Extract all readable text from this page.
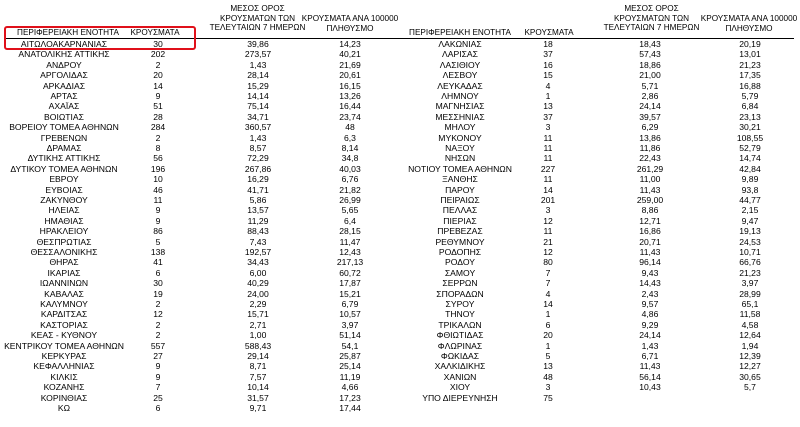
ΠΕΡΙΦΕΡΕΙΑΚΗ ΕΝΟΤΗΤΑ	ΚΡΟΥΣΜΑΤΑ
ΜΕΣΟΣ ΟΡΟΣ
ΚΡΟΥΣΜΑΤΩΝ ΤΩΝ
ΤΕΛΕΥΤΑΙΩΝ 7 ΗΜΕΡΩΝ
ΚΡΟΥΣΜΑΤΑ ΑΝΑ 100000
ΠΛΗΘΥΣΜΟ
ΑΙΤΩΛΟΑΚΑΡΝΑΝΙΑΣ	30	39,86	14,23
ΑΝΑΤΟΛΙΚΗΣ ΑΤΤΙΚΗΣ	202	273,57	40,21
ΑΝΔΡΟΥ	2	1,43	21,69
ΑΡΓΟΛΙΔΑΣ	20	28,14	20,61
ΑΡΚΑΔΙΑΣ	14	15,29	16,15
ΑΡΤΑΣ	9	14,14	13,26
ΑΧΑΪΑΣ	51	75,14	16,44
ΒΟΙΩΤΙΑΣ	28	34,71	23,74
ΒΟΡΕΙΟΥ ΤΟΜΕΑ ΑΘΗΝΩΝ	284	360,57	48
ΓΡΕΒΕΝΩΝ	2	1,43	6,3
ΔΡΑΜΑΣ	8	8,57	8,14
ΔΥΤΙΚΗΣ ΑΤΤΙΚΗΣ	56	72,29	34,8
ΔΥΤΙΚΟΥ ΤΟΜΕΑ ΑΘΗΝΩΝ	196	267,86	40,03
ΕΒΡΟΥ	10	16,29	6,76
ΕΥΒΟΙΑΣ	46	41,71	21,82
ΖΑΚΥΝΘΟΥ	11	5,86	26,99
ΗΛΕΙΑΣ	9	13,57	5,65
ΗΜΑΘΙΑΣ	9	11,29	6,4
ΗΡΑΚΛΕΙΟΥ	86	88,43	28,15
ΘΕΣΠΡΩΤΙΑΣ	5	7,43	11,47
ΘΕΣΣΑΛΟΝΙΚΗΣ	138	192,57	12,43
ΘΗΡΑΣ	41	34,43	217,13
ΙΚΑΡΙΑΣ	6	6,00	60,72
ΙΩΑΝΝΙΝΩΝ	30	40,29	17,87
ΚΑΒΑΛΑΣ	19	24,00	15,21
ΚΑΛΥΜΝΟΥ	2	2,29	6,79
ΚΑΡΔΙΤΣΑΣ	12	15,71	10,57
ΚΑΣΤΟΡΙΑΣ	2	2,71	3,97
ΚΕΑΣ - ΚΥΘΝΟΥ	2	1,00	51,14
ΚΕΝΤΡΙΚΟΥ ΤΟΜΕΑ ΑΘΗΝΩΝ	557	588,43	54,1
ΚΕΡΚΥΡΑΣ	27	29,14	25,87
ΚΕΦΑΛΛΗΝΙΑΣ	9	8,71	25,14
ΚΙΛΚΙΣ	9	7,57	11,19
ΚΟΖΑΝΗΣ	7	10,14	4,66
ΚΟΡΙΝΘΙΑΣ	25	31,57	17,23
ΚΩ	6	9,71	17,44
ΠΕΡΙΦΕΡΕΙΑΚΗ ΕΝΟΤΗΤΑ	ΚΡΟΥΣΜΑΤΑ
ΜΕΣΟΣ ΟΡΟΣ
ΚΡΟΥΣΜΑΤΩΝ ΤΩΝ
ΤΕΛΕΥΤΑΙΩΝ 7 ΗΜΕΡΩΝ
ΚΡΟΥΣΜΑΤΑ ΑΝΑ 100000
ΠΛΗΘΥΣΜΟ
ΛΑΚΩΝΙΑΣ	18	18,43	20,19
ΛΑΡΙΣΑΣ	37	57,43	13,01
ΛΑΣΙΘΙΟΥ	16	18,86	21,23
ΛΕΣΒΟΥ	15	21,00	17,35
ΛΕΥΚΑΔΑΣ	4	5,71	16,88
ΛΗΜΝΟΥ	1	2,86	5,79
ΜΑΓΝΗΣΙΑΣ	13	24,14	6,84
ΜΕΣΣΗΝΙΑΣ	37	39,57	23,13
ΜΗΛΟΥ	3	6,29	30,21
ΜΥΚΟΝΟΥ	11	13,86	108,55
ΝΑΞΟΥ	11	11,86	52,79
ΝΗΣΩΝ	11	22,43	14,74
ΝΟΤΙΟΥ ΤΟΜΕΑ ΑΘΗΝΩΝ	227	261,29	42,84
ΞΑΝΘΗΣ	11	11,00	9,89
ΠΑΡΟΥ	14	11,43	93,8
ΠΕΙΡΑΙΩΣ	201	259,00	44,77
ΠΕΛΛΑΣ	3	8,86	2,15
ΠΙΕΡΙΑΣ	12	12,71	9,47
ΠΡΕΒΕΖΑΣ	11	16,86	19,13
ΡΕΘΥΜΝΟΥ	21	20,71	24,53
ΡΟΔΟΠΗΣ	12	11,43	10,71
ΡΟΔΟΥ	80	96,14	66,76
ΣΑΜΟΥ	7	9,43	21,23
ΣΕΡΡΩΝ	7	14,43	3,97
ΣΠΟΡΑΔΩΝ	4	2,43	28,99
ΣΥΡΟΥ	14	9,57	65,1
ΤΗΝΟΥ	1	4,86	11,58
ΤΡΙΚΑΛΩΝ	6	9,29	4,58
ΦΘΙΩΤΙΔΑΣ	20	24,14	12,64
ΦΛΩΡΙΝΑΣ	1	1,43	1,94
ΦΩΚΙΔΑΣ	5	6,71	12,39
ΧΑΛΚΙΔΙΚΗΣ	13	11,43	12,27
ΧΑΝΙΩΝ	48	56,14	30,65
ΧΙΟΥ	3	10,43	5,7
ΥΠΟ ΔΙΕΡΕΥΝΗΣΗ	75
